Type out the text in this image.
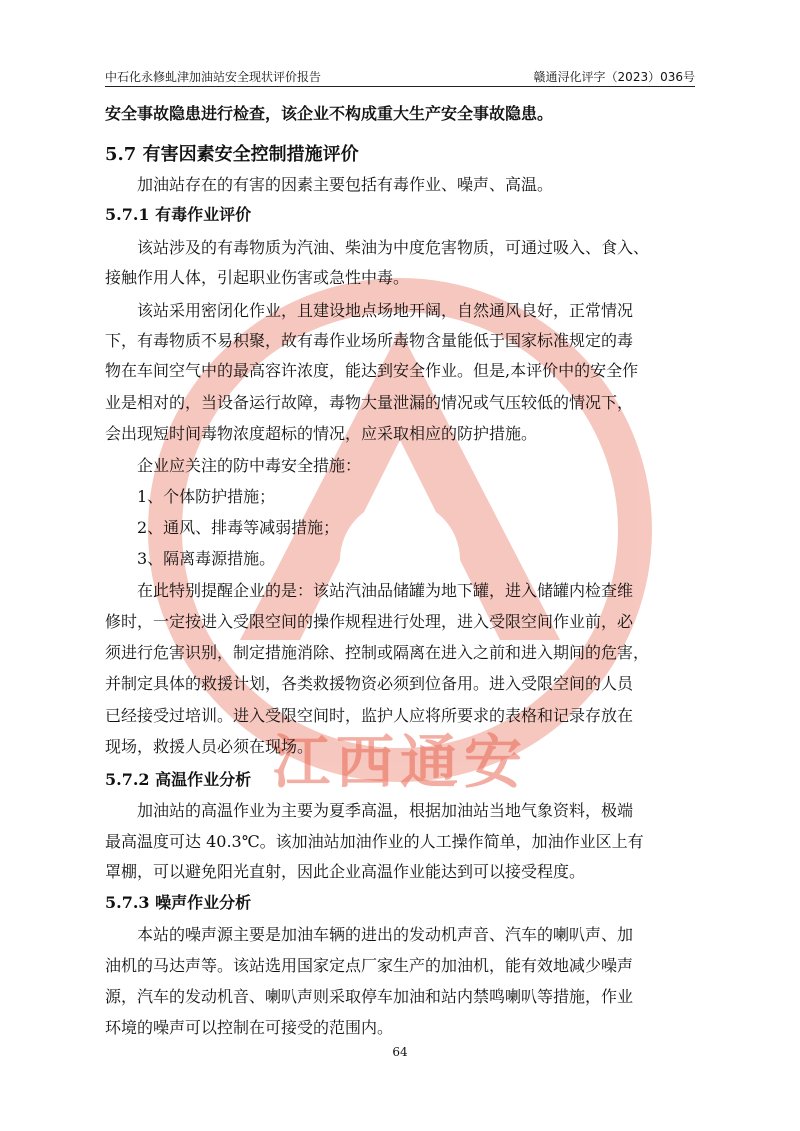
江西通安
中石化永修虬津加油站安全现状评价报告	赣通浔化评字（2023）036号
安全事故隐患进行检查，该企业不构成重大生产安全事故隐患。
5.7 有害因素安全控制措施评价
　　加油站存在的有害的因素主要包括有毒作业、噪声、高温。
5.7.1 有毒作业评价
　　该站涉及的有毒物质为汽油、柴油为中度危害物质，可通过吸入、食入、
接触作用人体，引起职业伤害或急性中毒。
　　该站采用密闭化作业，且建设地点场地开阔，自然通风良好，正常情况
下，有毒物质不易积聚，故有毒作业场所毒物含量能低于国家标准规定的毒
物在车间空气中的最高容许浓度，能达到安全作业。但是,本评价中的安全作
业是相对的，当设备运行故障，毒物大量泄漏的情况或气压较低的情况下，
会出现短时间毒物浓度超标的情况，应采取相应的防护措施。
　　企业应关注的防中毒安全措施：
　　1、个体防护措施；
　　2、通风、排毒等减弱措施；
　　3、隔离毒源措施。
　　在此特别提醒企业的是：该站汽油品储罐为地下罐，进入储罐内检查维
修时，一定按进入受限空间的操作规程进行处理，进入受限空间作业前，必
须进行危害识别，制定措施消除、控制或隔离在进入之前和进入期间的危害，
并制定具体的救援计划，各类救援物资必须到位备用。进入受限空间的人员
已经接受过培训。进入受限空间时，监护人应将所要求的表格和记录存放在
现场，救援人员必须在现场。
5.7.2 高温作业分析
　　加油站的高温作业为主要为夏季高温，根据加油站当地气象资料，极端
最高温度可达 40.3℃。该加油站加油作业的人工操作简单，加油作业区上有
罩棚，可以避免阳光直射，因此企业高温作业能达到可以接受程度。
5.7.3 噪声作业分析
　　本站的噪声源主要是加油车辆的进出的发动机声音、汽车的喇叭声、加
油机的马达声等。该站选用国家定点厂家生产的加油机，能有效地减少噪声
源，汽车的发动机音、喇叭声则采取停车加油和站内禁鸣喇叭等措施，作业
环境的噪声可以控制在可接受的范围内。
64
